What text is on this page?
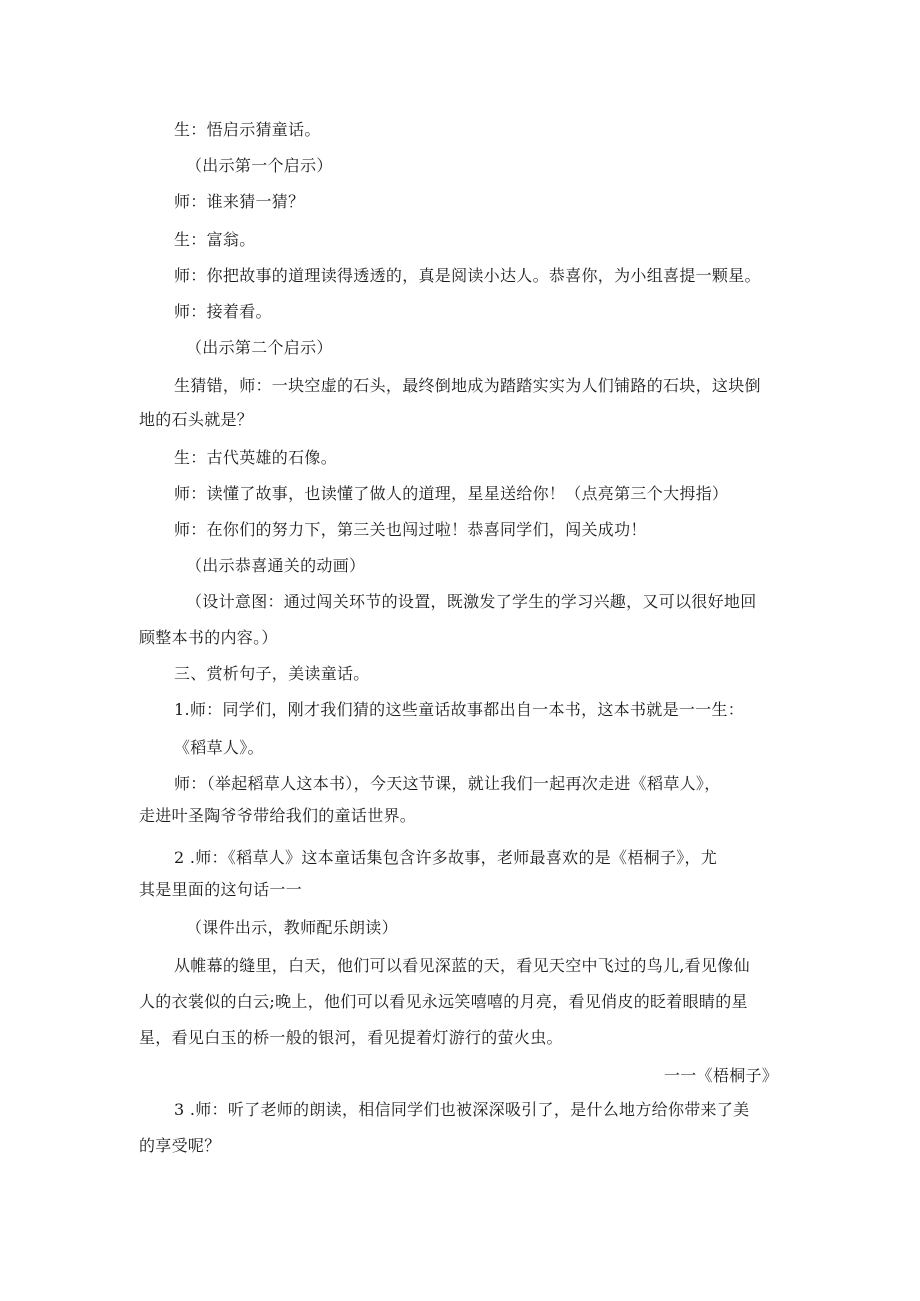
生：悟启示猜童话。
（出示第一个启示）
师：谁来猜一猜？
生：富翁。
师：你把故事的道理读得透透的，真是阅读小达人。恭喜你，为小组喜提一颗星。
师：接着看。
（出示第二个启示）
生猜错，师：一块空虚的石头，最终倒地成为踏踏实实为人们铺路的石块，这块倒
地的石头就是？
生：古代英雄的石像。
师：读懂了故事，也读懂了做人的道理，星星送给你！（点亮第三个大拇指）
师：在你们的努力下，第三关也闯过啦！恭喜同学们，闯关成功！
（出示恭喜通关的动画）
（设计意图：通过闯关环节的设置，既激发了学生的学习兴趣，又可以很好地回
顾整本书的内容。）
三、赏析句子，美读童话。
1.师：同学们，刚才我们猜的这些童话故事都出自一本书，这本书就是一一生：
《稻草人》。
师：（举起稻草人这本书），今天这节课，就让我们一起再次走进《稻草人》，
走进叶圣陶爷爷带给我们的童话世界。
2 .师：《稻草人》这本童话集包含许多故事，老师最喜欢的是《梧桐子》，尤
其是里面的这句话一一
（课件出示，教师配乐朗读）
从帷幕的缝里，白天，他们可以看见深蓝的天，看见天空中飞过的鸟儿,看见像仙
人的衣裳似的白云;晚上，他们可以看见永远笑嘻嘻的月亮，看见俏皮的眨着眼睛的星
星，看见白玉的桥一般的银河，看见提着灯游行的萤火虫。
一一《梧桐子》
3 .师：听了老师的朗读，相信同学们也被深深吸引了，是什么地方给你带来了美
的享受呢？
